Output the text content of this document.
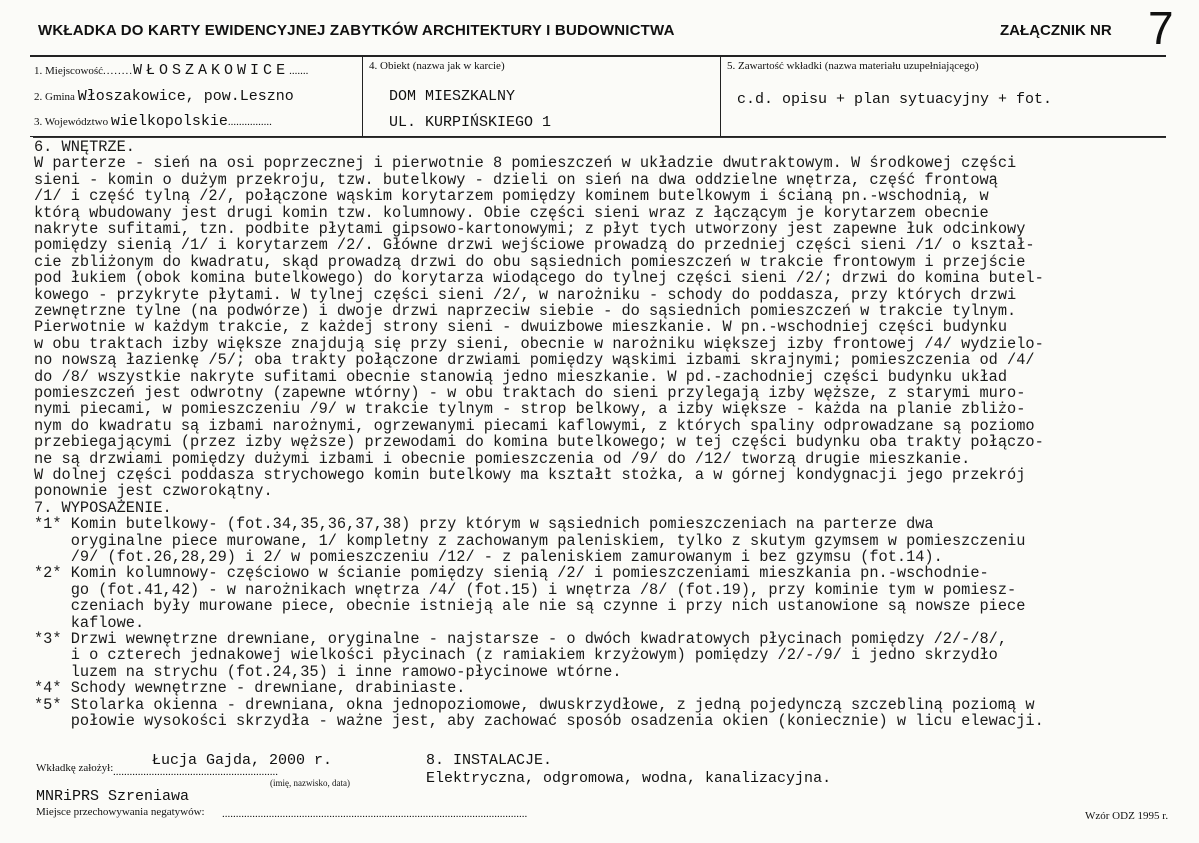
WKŁADKA DO KARTY EWIDENCYJNEJ ZABYTKÓW ARCHITEKTURY I BUDOWNICTWA	ZAŁĄCZNIK NR 7
1. Miejscowość........WŁOSZAKOWICE.......
2. Gmina Włoszakowice, pow.Leszno
3. Województwo wielkopolskie................
4. Obiekt (nazwa jak w karcie)
DOM MIESZKALNY
UL. KURPIŃSKIEGO 1
5. Zawartość wkładki (nazwa materiału uzupełniającego)
c.d. opisu + plan sytuacyjny + fot.
6. WNĘTRZE.
W parterze - sień na osi poprzecznej i pierwotnie 8 pomieszczeń w układzie dwutraktowym. W środkowej części
sieni - komin o dużym przekroju, tzw. butelkowy - dzieli on sień na dwa oddzielne wnętrza, część frontową
/1/ i część tylną /2/, połączone wąskim korytarzem pomiędzy kominem butelkowym i ścianą pn.-wschodnią, w
którą wbudowany jest drugi komin tzw. kolumnowy. Obie części sieni wraz z łączącym je korytarzem obecnie
nakryte sufitami, tzn. podbite płytami gipsowo-kartonowymi; z płyt tych utworzony jest zapewne łuk odcinkowy
pomiędzy sienią /1/ i korytarzem /2/. Główne drzwi wejściowe prowadzą do przedniej części sieni /1/ o kształ-
cie zbliżonym do kwadratu, skąd prowadzą drzwi do obu sąsiednich pomieszczeń w trakcie frontowym i przejście
pod łukiem (obok komina butelkowego) do korytarza wiodącego do tylnej części sieni /2/; drzwi do komina butel-
kowego - przykryte płytami. W tylnej części sieni /2/, w narożniku - schody do poddasza, przy których drzwi
zewnętrzne tylne (na podwórze) i dwoje drzwi naprzeciw siebie - do sąsiednich pomieszczeń w trakcie tylnym.
Pierwotnie w każdym trakcie, z każdej strony sieni - dwuizbowe mieszkanie. W pn.-wschodniej części budynku
w obu traktach izby większe znajdują się przy sieni, obecnie w narożniku większej izby frontowej /4/ wydzielo-
no nowszą łazienkę /5/; oba trakty połączone drzwiami pomiędzy wąskimi izbami skrajnymi; pomieszczenia od /4/
do /8/ wszystkie nakryte sufitami obecnie stanowią jedno mieszkanie. W pd.-zachodniej części budynku układ
pomieszczeń jest odwrotny (zapewne wtórny) - w obu traktach do sieni przylegają izby węższe, z starymi muro-
nymi piecami, w pomieszczeniu /9/ w trakcie tylnym - strop belkowy, a izby większe - każda na planie zbliżo-
nym do kwadratu są izbami narożnymi, ogrzewanymi piecami kaflowymi, z których spaliny odprowadzane są poziomo
przebiegającymi (przez izby węższe) przewodami do komina butelkowego; w tej części budynku oba trakty połączo-
ne są drzwiami pomiędzy dużymi izbami i obecnie pomieszczenia od /9/ do /12/ tworzą drugie mieszkanie.
W dolnej części poddasza strychowego komin butelkowy ma kształt stożka, a w górnej kondygnacji jego przekrój
ponownie jest czworokątny.
7. WYPOSAŻENIE.
*1* Komin butelkowy- (fot.34,35,36,37,38) przy którym w sąsiednich pomieszczeniach na parterze dwa
oryginalne piece murowane, 1/ kompletny z zachowanym paleniskiem, tylko z skutym gzymsem w pomieszczeniu
/9/ (fot.26,28,29) i 2/ w pomieszczeniu /12/ - z paleniskiem zamurowanym i bez gzymsu (fot.14).
*2* Komin kolumnowy- częściowo w ścianie pomiędzy sienią /2/ i pomieszczeniami mieszkania pn.-wschodnie-
go (fot.41,42) - w narożnikach wnętrza /4/ (fot.15) i wnętrza /8/ (fot.19), przy kominie tym w pomiesz-
czeniach były murowane piece, obecnie istnieją ale nie są czynne i przy nich ustanowione są nowsze piece
kaflowe.
*3* Drzwi wewnętrzne drewniane, oryginalne - najstarsze - o dwóch kwadratowych płycinach pomiędzy /2/-/8/,
i o czterech jednakowej wielkości płycinach (z ramiakiem krzyżowym) pomiędzy /2/-/9/ i jedno skrzydło
luzem na strychu (fot.24,35) i inne ramowo-płycinowe wtórne.
*4* Schody wewnętrzne - drewniane, drabiniaste.
*5* Stolarka okienna - drewniana, okna jednopoziomowe, dwuskrzydłowe, z jedną pojedynczą szczebliną poziomą w
połowie wysokości skrzydła - ważne jest, aby zachować sposób osadzenia okien (koniecznie) w licu elewacji.
Wkładkę założył: ............................................................
Łucja Gajda, 2000 r.
(imię, nazwisko, data)
8. INSTALACJE.
Elektryczna, odgromowa, wodna, kanalizacyjna.
MNRiPRS Szreniawa
Miejsce przechowywania negatywów: ...............................................................................................................	Wzór ODZ 1995 r.
